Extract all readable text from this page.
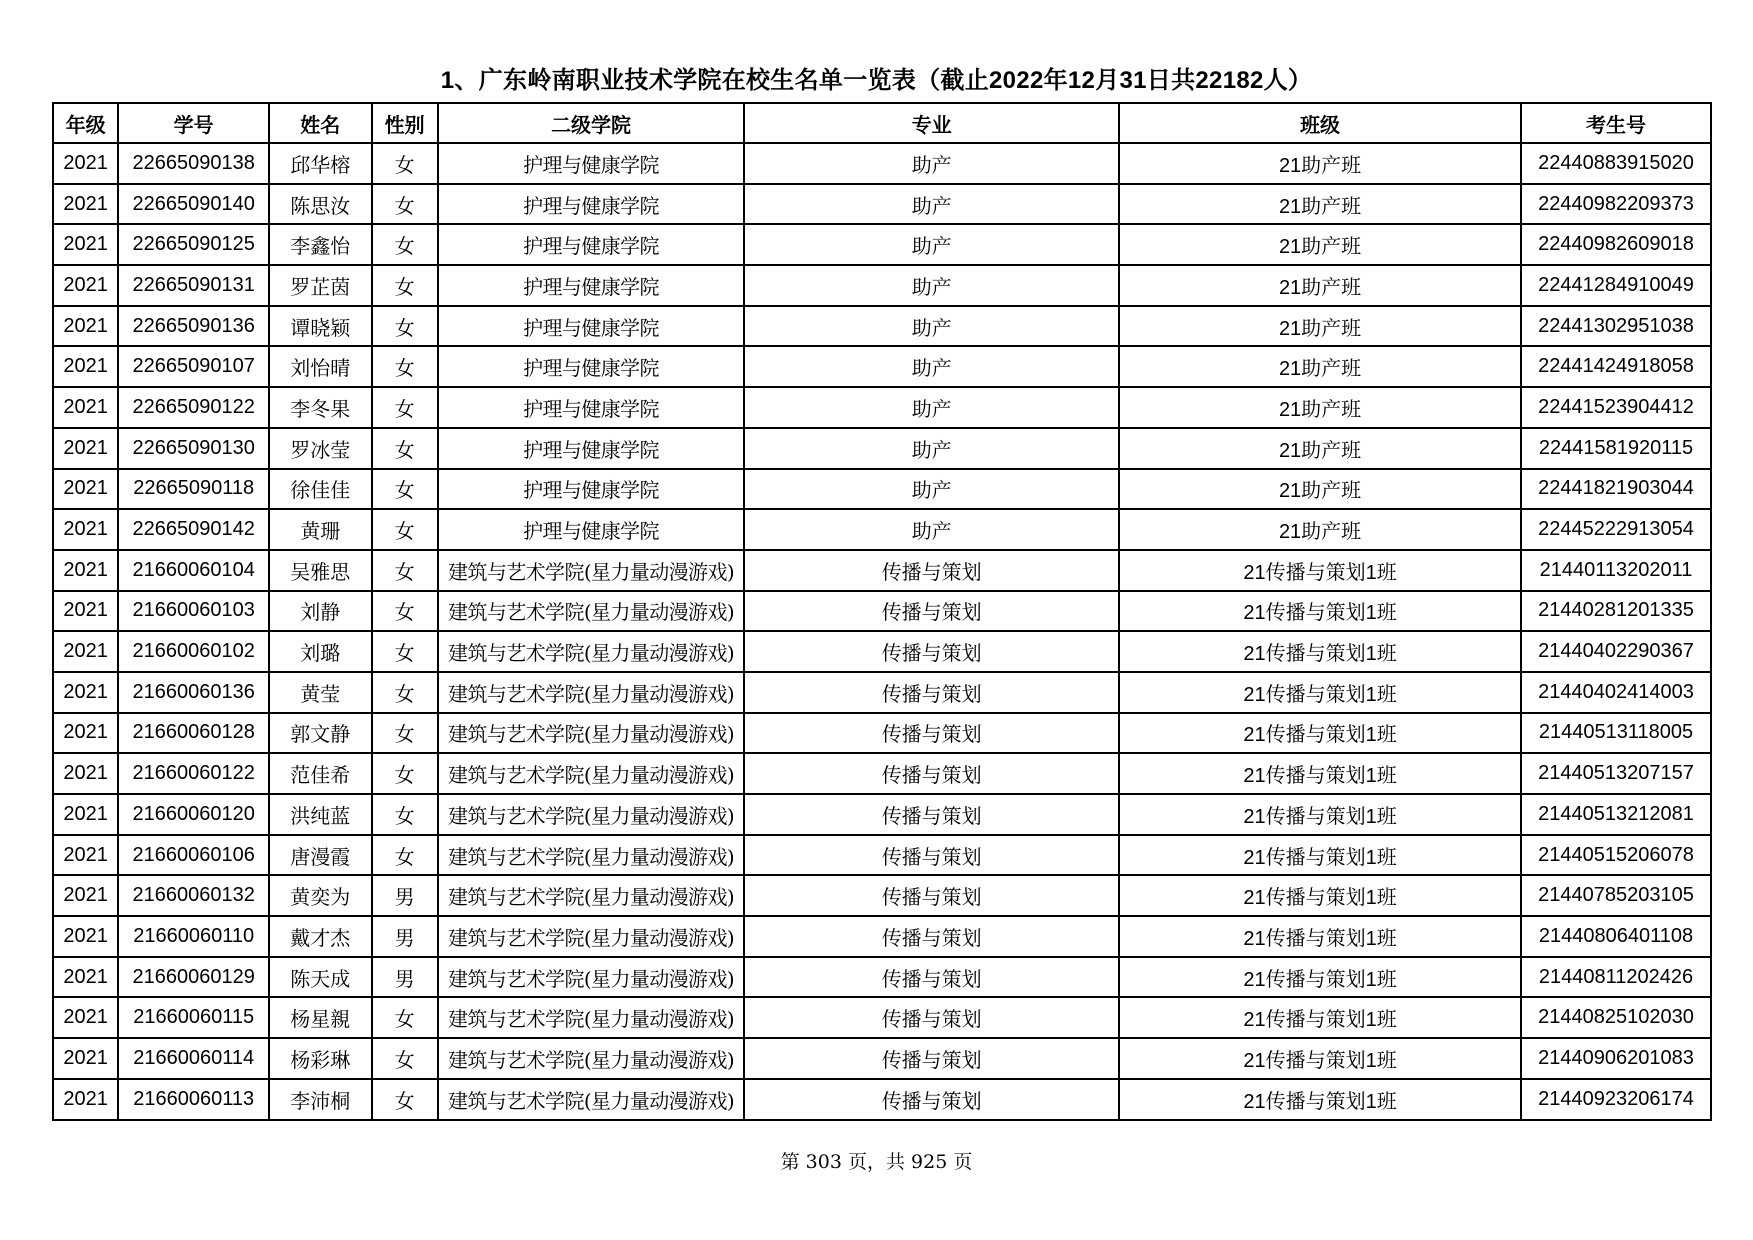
1、广东岭南职业技术学院在校生名单一览表（截止2022年12月31日共22182人）
年级	学号	姓名	性别	二级学院	专业	班级	考生号
2021	22665090138	邱华榕	女	护理与健康学院	助产	21助产班	22440883915020
2021	22665090140	陈思汝	女	护理与健康学院	助产	21助产班	22440982209373
2021	22665090125	李鑫怡	女	护理与健康学院	助产	21助产班	22440982609018
2021	22665090131	罗芷茵	女	护理与健康学院	助产	21助产班	22441284910049
2021	22665090136	谭晓颖	女	护理与健康学院	助产	21助产班	22441302951038
2021	22665090107	刘怡晴	女	护理与健康学院	助产	21助产班	22441424918058
2021	22665090122	李冬果	女	护理与健康学院	助产	21助产班	22441523904412
2021	22665090130	罗冰莹	女	护理与健康学院	助产	21助产班	22441581920115
2021	22665090118	徐佳佳	女	护理与健康学院	助产	21助产班	22441821903044
2021	22665090142	黄珊	女	护理与健康学院	助产	21助产班	22445222913054
2021	21660060104	吴雅思	女	建筑与艺术学院(星力量动漫游戏)	传播与策划	21传播与策划1班	21440113202011
2021	21660060103	刘静	女	建筑与艺术学院(星力量动漫游戏)	传播与策划	21传播与策划1班	21440281201335
2021	21660060102	刘璐	女	建筑与艺术学院(星力量动漫游戏)	传播与策划	21传播与策划1班	21440402290367
2021	21660060136	黄莹	女	建筑与艺术学院(星力量动漫游戏)	传播与策划	21传播与策划1班	21440402414003
2021	21660060128	郭文静	女	建筑与艺术学院(星力量动漫游戏)	传播与策划	21传播与策划1班	21440513118005
2021	21660060122	范佳希	女	建筑与艺术学院(星力量动漫游戏)	传播与策划	21传播与策划1班	21440513207157
2021	21660060120	洪纯蓝	女	建筑与艺术学院(星力量动漫游戏)	传播与策划	21传播与策划1班	21440513212081
2021	21660060106	唐漫霞	女	建筑与艺术学院(星力量动漫游戏)	传播与策划	21传播与策划1班	21440515206078
2021	21660060132	黄奕为	男	建筑与艺术学院(星力量动漫游戏)	传播与策划	21传播与策划1班	21440785203105
2021	21660060110	戴才杰	男	建筑与艺术学院(星力量动漫游戏)	传播与策划	21传播与策划1班	21440806401108
2021	21660060129	陈天成	男	建筑与艺术学院(星力量动漫游戏)	传播与策划	21传播与策划1班	21440811202426
2021	21660060115	杨星親	女	建筑与艺术学院(星力量动漫游戏)	传播与策划	21传播与策划1班	21440825102030
2021	21660060114	杨彩琳	女	建筑与艺术学院(星力量动漫游戏)	传播与策划	21传播与策划1班	21440906201083
2021	21660060113	李沛桐	女	建筑与艺术学院(星力量动漫游戏)	传播与策划	21传播与策划1班	21440923206174
第 303 页，共 925 页
